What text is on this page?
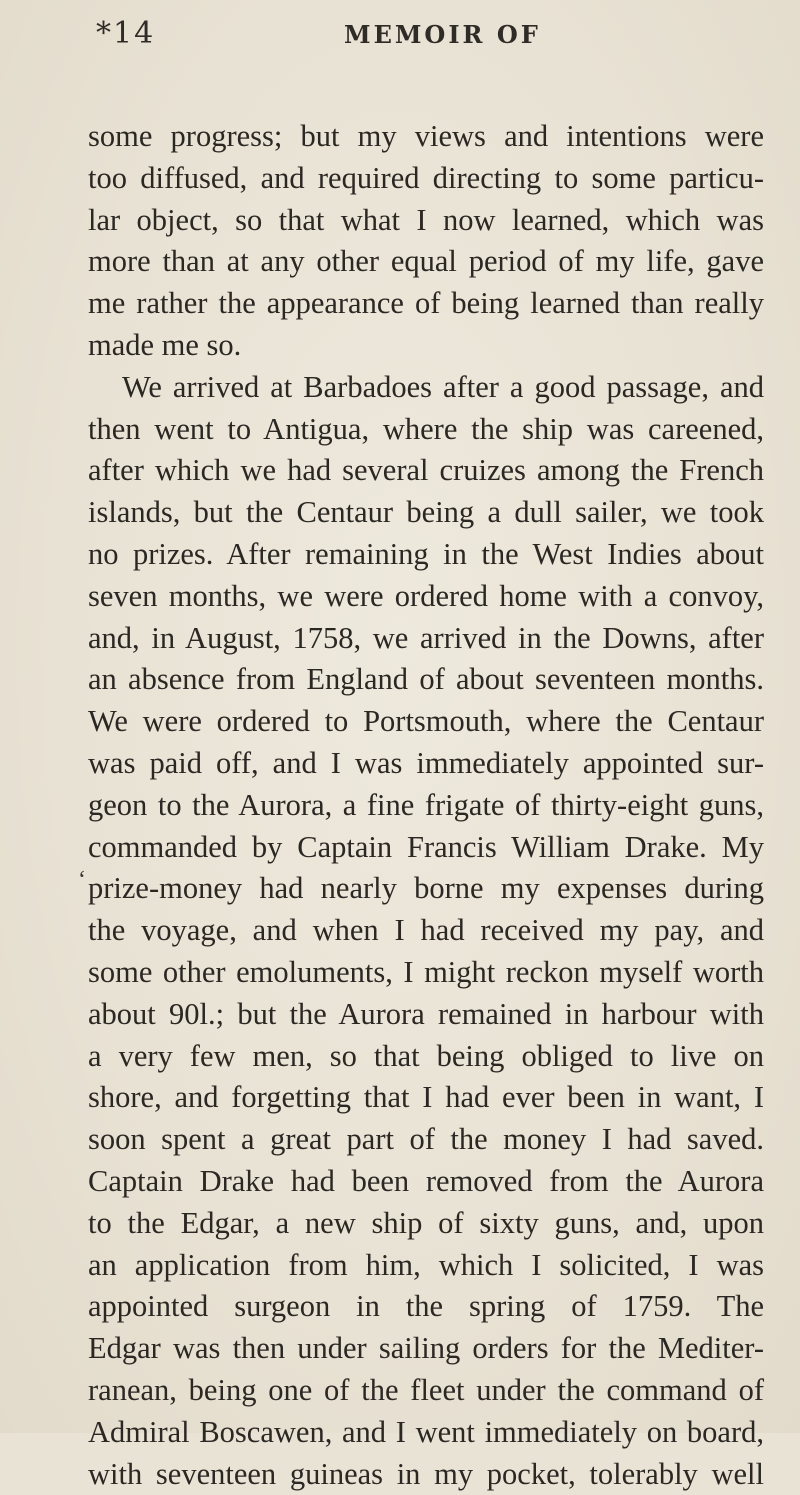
*14	MEMOIR OF
‘

some progress; but my views and intentions were
too diffused, and required directing to some particu-
lar object, so that what I now learned, which was
more than at any other equal period of my life, gave
me rather the appearance of being learned than really
made me so.

We arrived at Barbadoes after a good passage, and
then went to Antigua, where the ship was careened,
after which we had several cruizes among the French
islands, but the Centaur being a dull sailer, we took
no prizes. After remaining in the West Indies about
seven months, we were ordered home with a convoy,
and, in August, 1758, we arrived in the Downs, after
an absence from England of about seventeen months.
We were ordered to Portsmouth, where the Centaur
was paid off, and I was immediately appointed sur-
geon to the Aurora, a fine frigate of thirty-eight guns,
commanded by Captain Francis William Drake. My
prize-money had nearly borne my expenses during
the voyage, and when I had received my pay, and
some other emoluments, I might reckon myself worth
about 90l.; but the Aurora remained in harbour with
a very few men, so that being obliged to live on
shore, and forgetting that I had ever been in want, I
soon spent a great part of the money I had saved.
Captain Drake had been removed from the Aurora
to the Edgar, a new ship of sixty guns, and, upon
an application from him, which I solicited, I was
appointed surgeon in the spring of 1759. The
Edgar was then under sailing orders for the Mediter-
ranean, being one of the fleet under the command of
Admiral Boscawen, and I went immediately on board,
with seventeen guineas in my pocket, tolerably well
